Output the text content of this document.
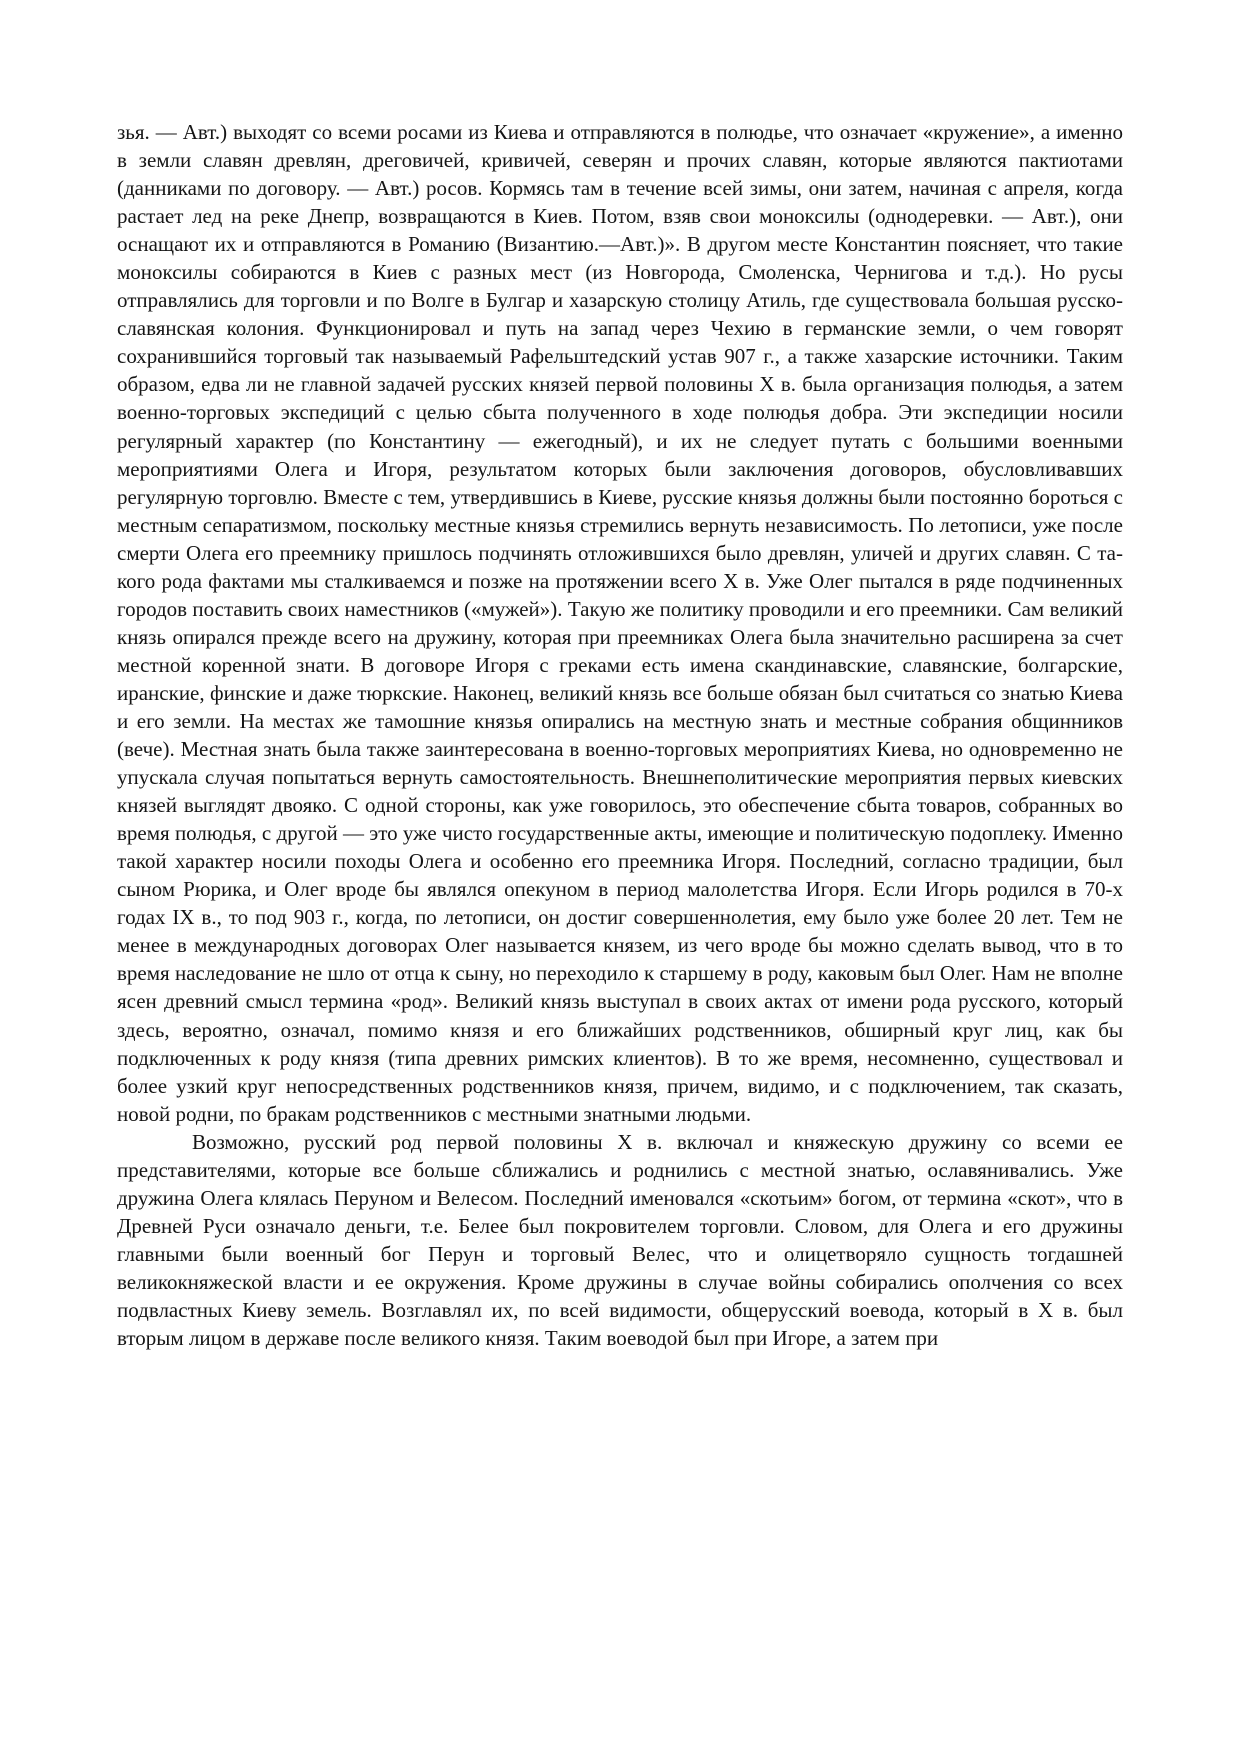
зья. — Авт.) выходят со всеми росами из Киева и отправляются в полюдье, что означает «кружение», а именно в земли славян древлян, дреговичей, кривичей, северян и прочих славян, которые являются пактиотами (данниками по договору. — Авт.) росов. Кормясь там в течение всей зимы, они затем, начиная с апреля, когда растает лед на реке Днепр, возвращаются в Киев. Потом, взяв свои моноксилы (однодеревки. — Авт.), они оснащают их и отправляются в Романию (Византию.—Авт.)». В другом месте Константин поясняет, что такие моноксилы собираются в Киев с разных мест (из Новгорода, Смоленска, Чернигова и т.д.). Но русы отправлялись для торговли и по Волге в Булгар и хазарскую столицу Атиль, где существовала большая русско-славянская колония. Функционировал и путь на запад через Чехию в германские земли, о чем говорят сохранившийся торговый так называемый Рафельштедский устав 907 г., а также хазарские источники. Таким образом, едва ли не главной задачей русских князей первой половины X в. была организация полюдья, а затем военно-торговых экспедиций с целью сбыта полученного в ходе полюдья добра. Эти экспедиции носили регулярный характер (по Константину — ежегодный), и их не следует путать с большими военными мероприятиями Олега и Игоря, результатом которых были заключения договоров, обусловливавших регулярную торговлю. Вместе с тем, утвердившись в Киеве, русские князья должны были постоянно бороться с местным сепаратизмом, поскольку местные князья стремились вернуть независимость. По летописи, уже после смерти Олега его преемнику пришлось подчинять отложившихся было древлян, уличей и других славян. С такого рода фактами мы сталкиваемся и позже на протяжении всего X в. Уже Олег пытался в ряде подчиненных городов поставить своих наместников («мужей»). Такую же политику проводили и его преемники. Сам великий князь опирался прежде всего на дружину, которая при преемниках Олега была значительно расширена за счет местной коренной знати. В договоре Игоря с греками есть имена скандинавские, славянские, болгарские, иранские, финские и даже тюркские. Наконец, великий князь все больше обязан был считаться со знатью Киева и его земли. На местах же тамошние князья опирались на местную знать и местные собрания общинников (вече). Местная знать была также заинтересована в военно-торговых мероприятиях Киева, но одновременно не упускала случая попытаться вернуть самостоятельность. Внешнеполитические мероприятия первых киевских князей выглядят двояко. С одной стороны, как уже говорилось, это обеспечение сбыта товаров, собранных во время полюдья, с другой — это уже чисто государственные акты, имеющие и политическую подоплеку. Именно такой характер носили походы Олега и особенно его преемника Игоря. Последний, согласно традиции, был сыном Рюрика, и Олег вроде бы являлся опекуном в период малолетства Игоря. Если Игорь родился в 70-х годах IX в., то под 903 г., когда, по летописи, он достиг совершеннолетия, ему было уже более 20 лет. Тем не менее в международных договорах Олег называется князем, из чего вроде бы можно сделать вывод, что в то время наследование не шло от отца к сыну, но переходило к старшему в роду, каковым был Олег. Нам не вполне ясен древний смысл термина «род». Великий князь выступал в своих актах от имени рода русского, который здесь, вероятно, означал, помимо князя и его ближайших родственников, обширный круг лиц, как бы подключенных к роду князя (типа древних римских клиентов). В то же время, несомненно, существовал и более узкий круг непосредственных родственников князя, причем, видимо, и с подключением, так сказать, новой родни, по бракам родственников с местными знатными людьми.

Возможно, русский род первой половины X в. включал и княжескую дружину со всеми ее представителями, которые все больше сближались и роднились с местной знатью, ославянивались. Уже дружина Олега клялась Перуном и Велесом. Последний именовался «скотьим» богом, от термина «скот», что в Древней Руси означало деньги, т.е. Белее был покровителем торговли. Словом, для Олега и его дружины главными были военный бог Перун и торговый Велес, что и олицетворяло сущность тогдашней великокняжеской власти и ее окружения. Кроме дружины в случае войны собирались ополчения со всех подвластных Киеву земель. Возглавлял их, по всей видимости, общерусский воевода, который в X в. был вторым лицом в державе после великого князя. Таким воеводой был при Игоре, а затем при
